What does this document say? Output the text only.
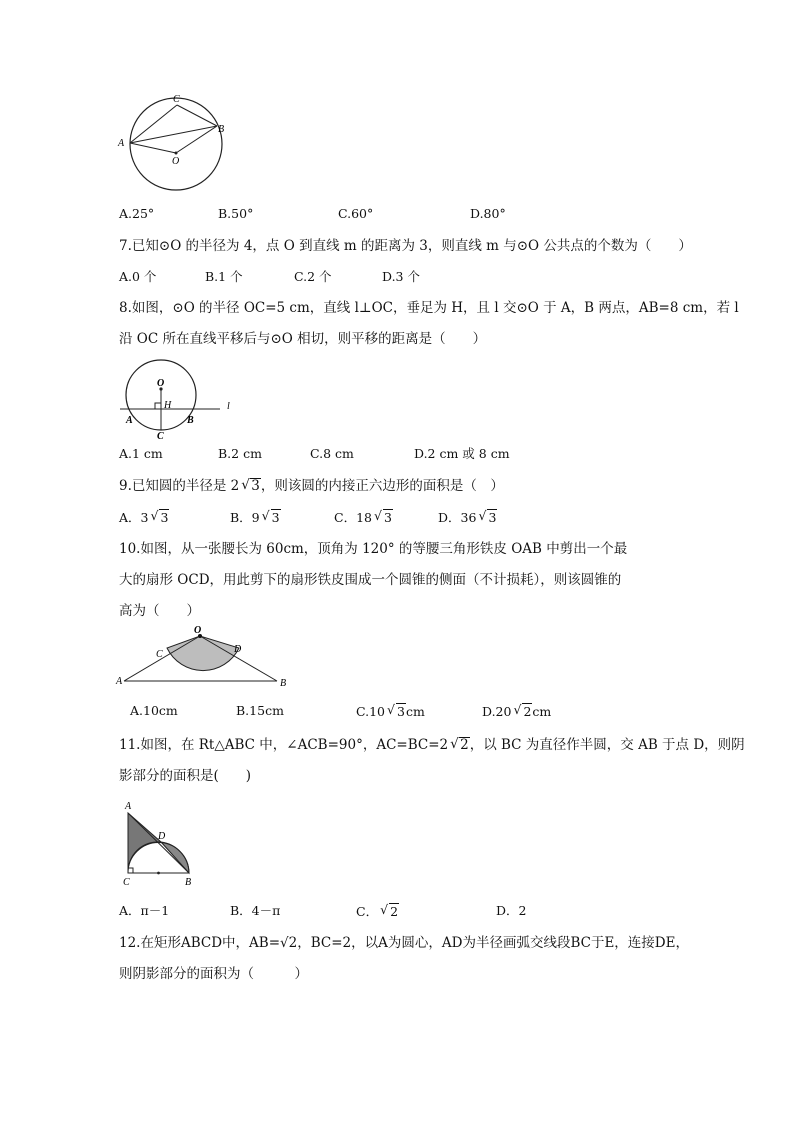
C
A
B
O
A.25°	B.50°	C.60°	D.80°
7.已知⊙O 的半径为 4，点 O 到直线 m 的距离为 3，则直线 m 与⊙O 公共点的个数为（　　）
A.0 个	B.1 个	C.2 个	D.3 个
8.如图，⊙O 的半径 OC=5 cm，直线 l⊥OC，垂足为 H，且 l 交⊙O 于 A，B 两点，AB=8 cm，若 l
沿 OC 所在直线平移后与⊙O 相切，则平移的距离是（　　）
O
H	l
A	B
C
A.1 cm	B.2 cm	C.8 cm	D.2 cm 或 8 cm
9.已知圆的半径是 2 √ 3，则该圆的内接正六边形的面积是（　）
A．3 √ 3	B．9 √ 3	C．18 √ 3	D．36 √ 3
10.如图，从一张腰长为 60cm，顶角为 120° 的等腰三角形铁皮 OAB 中剪出一个最
大的扇形 OCD，用此剪下的扇形铁皮围成一个圆锥的侧面（不计损耗），则该圆锥的
高为（　　）
O
A	B
C	D
A.10cm	B.15cm	C.10 √ 3cm	D.20 √ 2cm
11.如图，在 Rt△ABC 中，∠ACB=90°，AC=BC=2 √ 2，以 BC 为直径作半圆，交 AB 于点 D，则阴
影部分的面积是(　　)
A
D
C	B
A．π－1	B．4－π	C． √ 2	D．2
12.在矩形ABCD中，AB=√2，BC=2，以A为圆心，AD为半径画弧交线段BC于E，连接DE，
则阴影部分的面积为（　　　）
